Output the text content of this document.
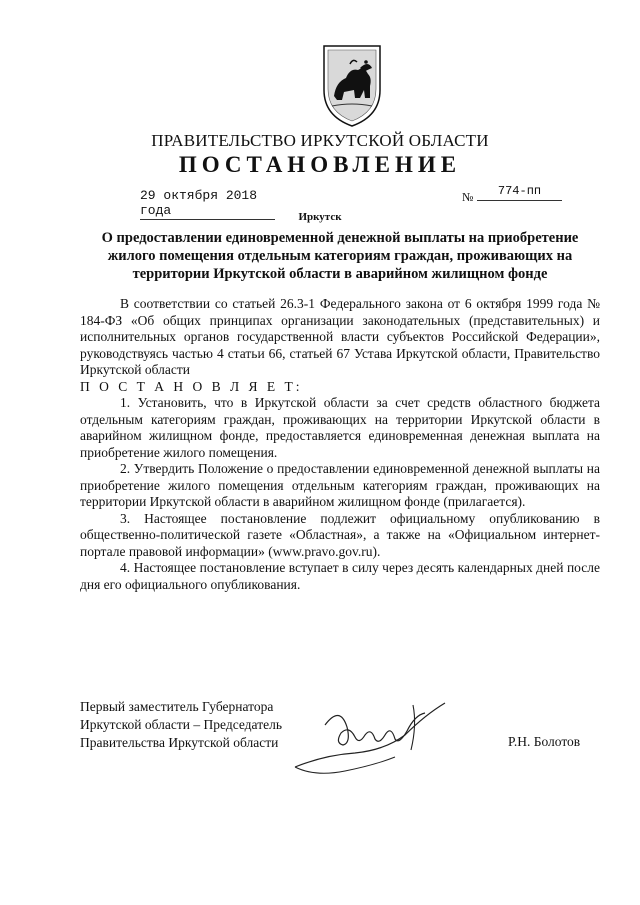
ПРАВИТЕЛЬСТВО ИРКУТСКОЙ ОБЛАСТИ
ПОСТАНОВЛЕНИЕ
29 октября 2018 года
№	774-пп
Иркутск
О предоставлении единовременной денежной выплаты на приобретение жилого помещения отдельным категориям граждан, проживающих на территории Иркутской области в аварийном жилищном фонде

В соответствии со статьей 26.3-1 Федерального закона от 6 октября 1999 года № 184-ФЗ «Об общих принципах организации законодательных (представительных) и исполнительных органов государственной власти субъектов Российской Федерации», руководствуясь частью 4 статьи 66, статьей 67 Устава Иркутской области, Правительство Иркутской области

П О С Т А Н О В Л Я Е Т:

1. Установить, что в Иркутской области за счет средств областного бюджета отдельным категориям граждан, проживающих на территории Иркутской области в аварийном жилищном фонде, предоставляется единовременная денежная выплата на приобретение жилого помещения.

2. Утвердить Положение о предоставлении единовременной денежной выплаты на приобретение жилого помещения отдельным категориям граждан, проживающих на территории Иркутской области в аварийном жилищном фонде (прилагается).

3. Настоящее постановление подлежит официальному опубликованию в общественно-политической газете «Областная», а также на «Официальном интернет-портале правовой информации» (www.pravo.gov.ru).

4. Настоящее постановление вступает в силу через десять календарных дней после дня его официального опубликования.

Первый заместитель Губернатора
Иркутской области – Председатель
Правительства Иркутской области	Р.Н. Болотов
